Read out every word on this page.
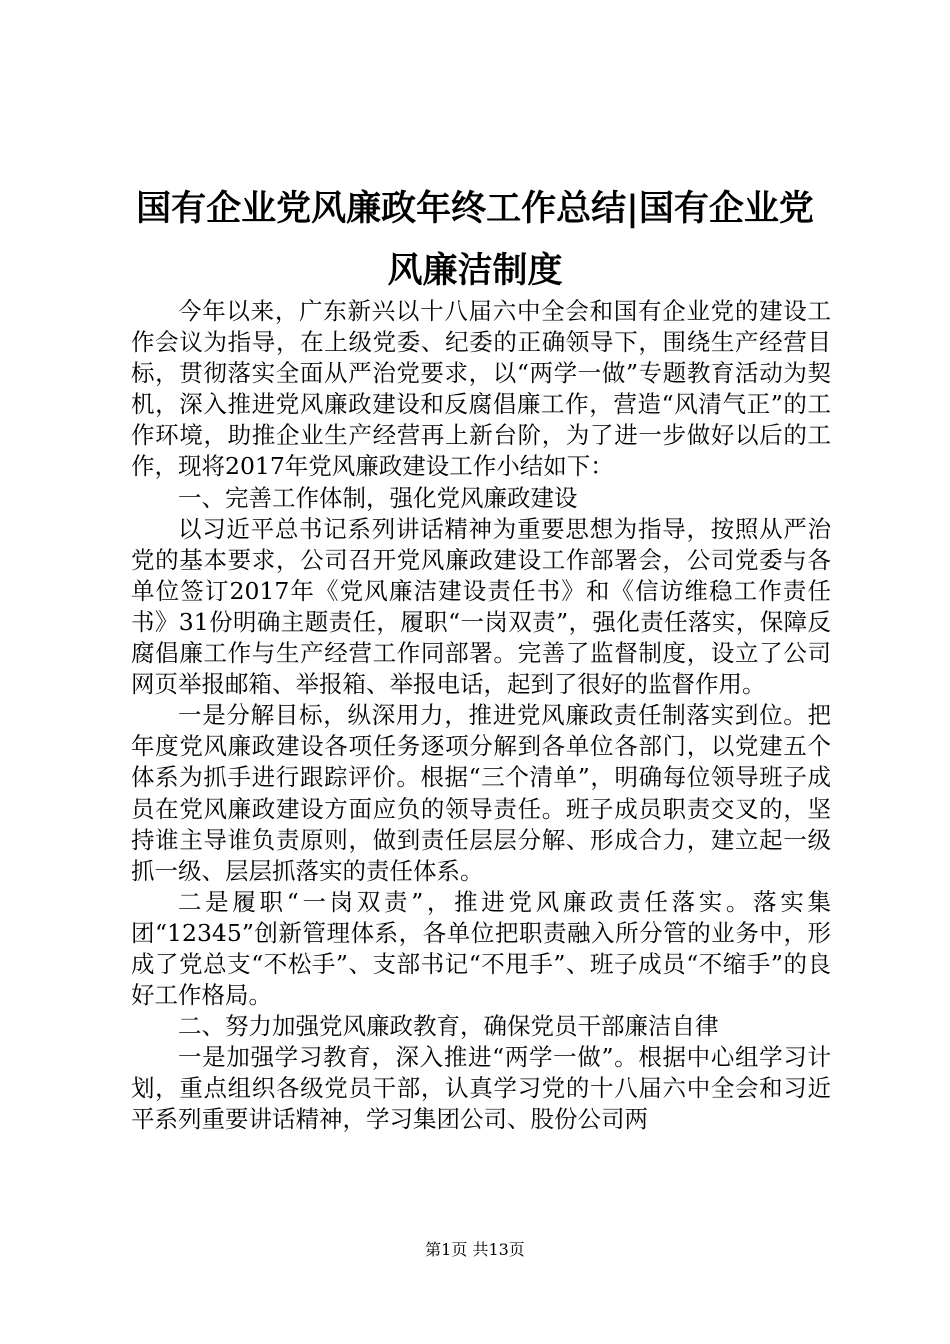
国有企业党风廉政年终工作总结|国有企业党风廉洁制度

今年以来，广东新兴以十八届六中全会和国有企业党的建设工作会议为指导，在上级党委、纪委的正确领导下，围绕生产经营目标，贯彻落实全面从严治党要求，以“两学一做”专题教育活动为契机，深入推进党风廉政建设和反腐倡廉工作，营造“风清气正”的工作环境，助推企业生产经营再上新台阶，为了进一步做好以后的工作，现将2017年党风廉政建设工作小结如下：

一、完善工作体制，强化党风廉政建设

以习近平总书记系列讲话精神为重要思想为指导，按照从严治党的基本要求，公司召开党风廉政建设工作部署会，公司党委与各单位签订2017年《党风廉洁建设责任书》和《信访维稳工作责任书》31份明确主题责任，履职“一岗双责”，强化责任落实，保障反腐倡廉工作与生产经营工作同部署。完善了监督制度，设立了公司网页举报邮箱、举报箱、举报电话，起到了很好的监督作用。

一是分解目标，纵深用力，推进党风廉政责任制落实到位。把年度党风廉政建设各项任务逐项分解到各单位各部门，以党建五个体系为抓手进行跟踪评价。根据“三个清单”，明确每位领导班子成员在党风廉政建设方面应负的领导责任。班子成员职责交叉的，坚持谁主导谁负责原则，做到责任层层分解、形成合力，建立起一级抓一级、层层抓落实的责任体系。

二是履职“一岗双责”，推进党风廉政责任落实。落实集团“12345”创新管理体系，各单位把职责融入所分管的业务中，形成了党总支“不松手”、支部书记“不甩手”、班子成员“不缩手”的良好工作格局。

二、努力加强党风廉政教育，确保党员干部廉洁自律

一是加强学习教育，深入推进“两学一做”。根据中心组学习计划，重点组织各级党员干部，认真学习党的十八届六中全会和习近平系列重要讲话精神，学习集团公司、股份公司两

第1页 共13页
